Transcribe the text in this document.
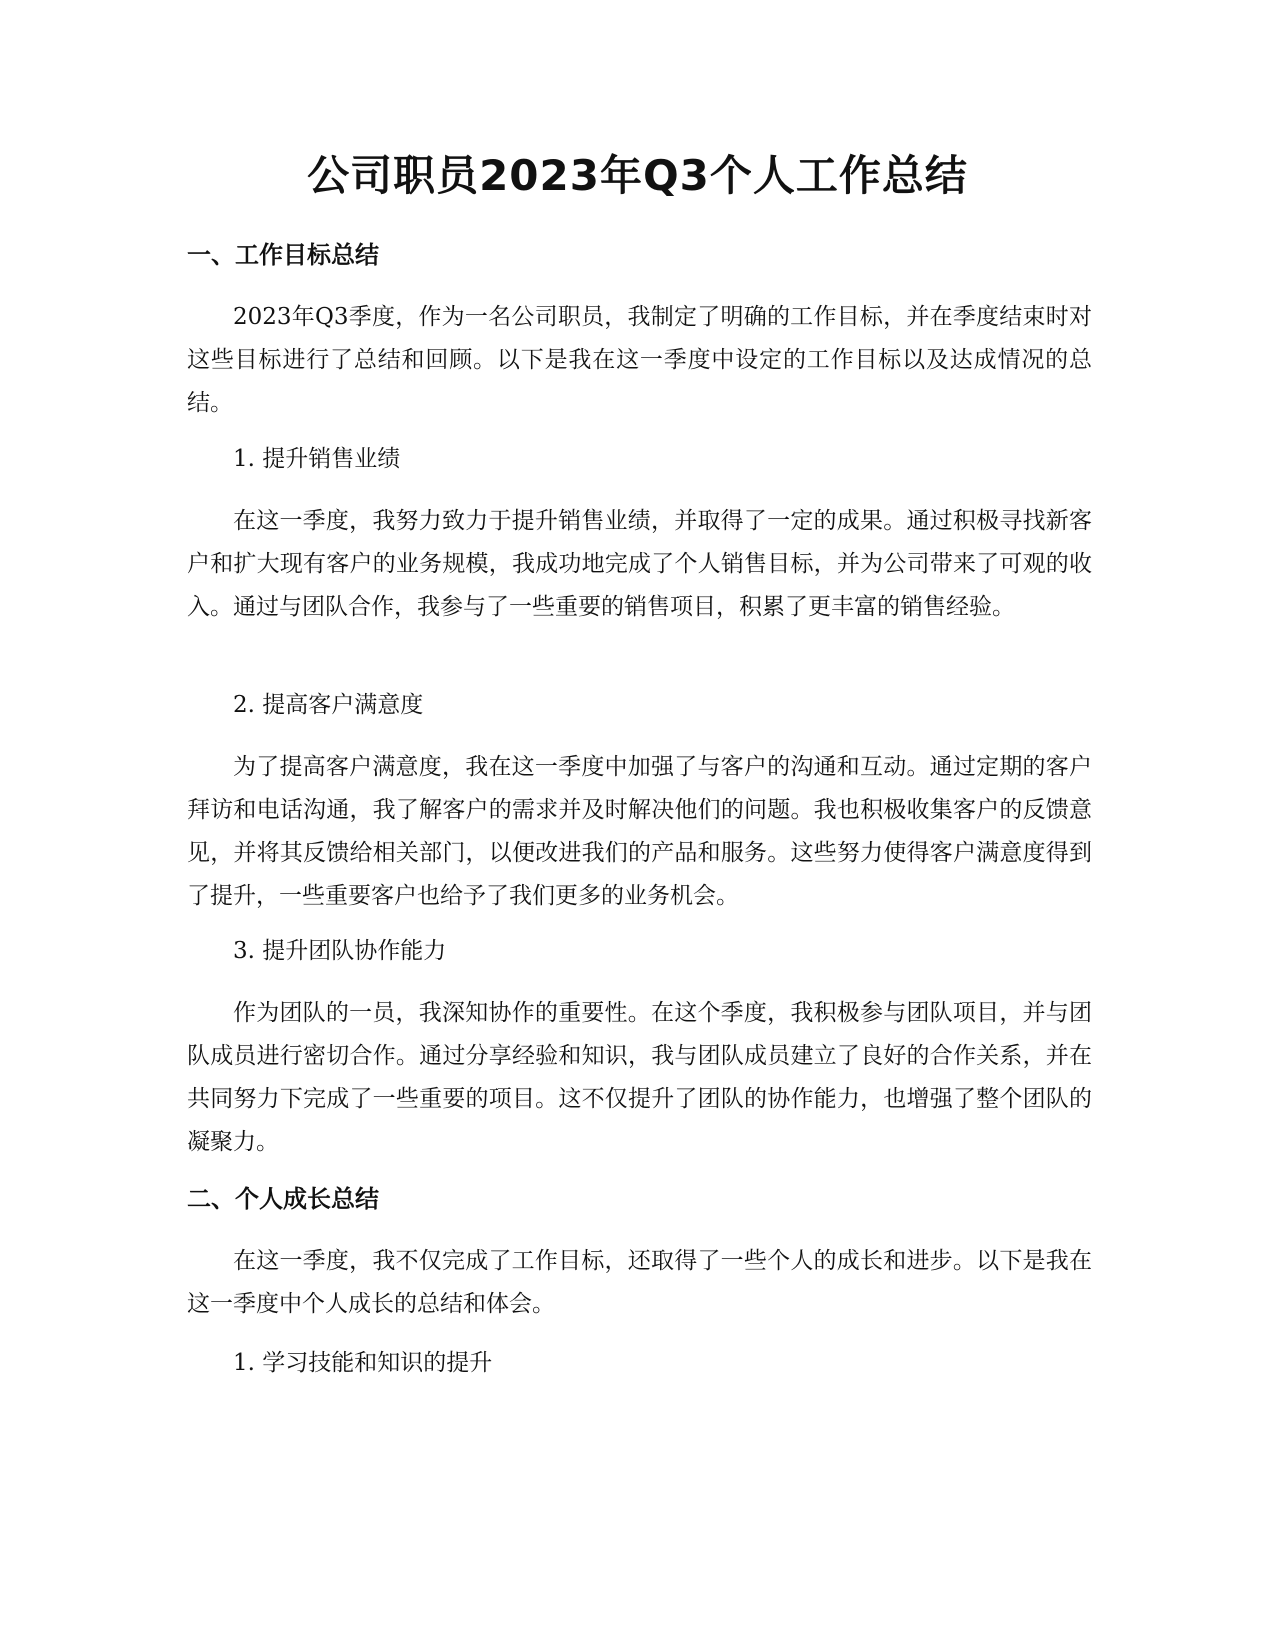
公司职员2023年Q3个人工作总结
一、工作目标总结

2023年Q3季度，作为一名公司职员，我制定了明确的工作目标，并在季度结束时对这些目标进行了总结和回顾。以下是我在这一季度中设定的工作目标以及达成情况的总结。

1. 提升销售业绩

在这一季度，我努力致力于提升销售业绩，并取得了一定的成果。通过积极寻找新客户和扩大现有客户的业务规模，我成功地完成了个人销售目标，并为公司带来了可观的收入。通过与团队合作，我参与了一些重要的销售项目，积累了更丰富的销售经验。

2. 提高客户满意度

为了提高客户满意度，我在这一季度中加强了与客户的沟通和互动。通过定期的客户拜访和电话沟通，我了解客户的需求并及时解决他们的问题。我也积极收集客户的反馈意见，并将其反馈给相关部门，以便改进我们的产品和服务。这些努力使得客户满意度得到了提升，一些重要客户也给予了我们更多的业务机会。

3. 提升团队协作能力

作为团队的一员，我深知协作的重要性。在这个季度，我积极参与团队项目，并与团队成员进行密切合作。通过分享经验和知识，我与团队成员建立了良好的合作关系，并在共同努力下完成了一些重要的项目。这不仅提升了团队的协作能力，也增强了整个团队的凝聚力。

二、个人成长总结

在这一季度，我不仅完成了工作目标，还取得了一些个人的成长和进步。以下是我在这一季度中个人成长的总结和体会。

1. 学习技能和知识的提升
